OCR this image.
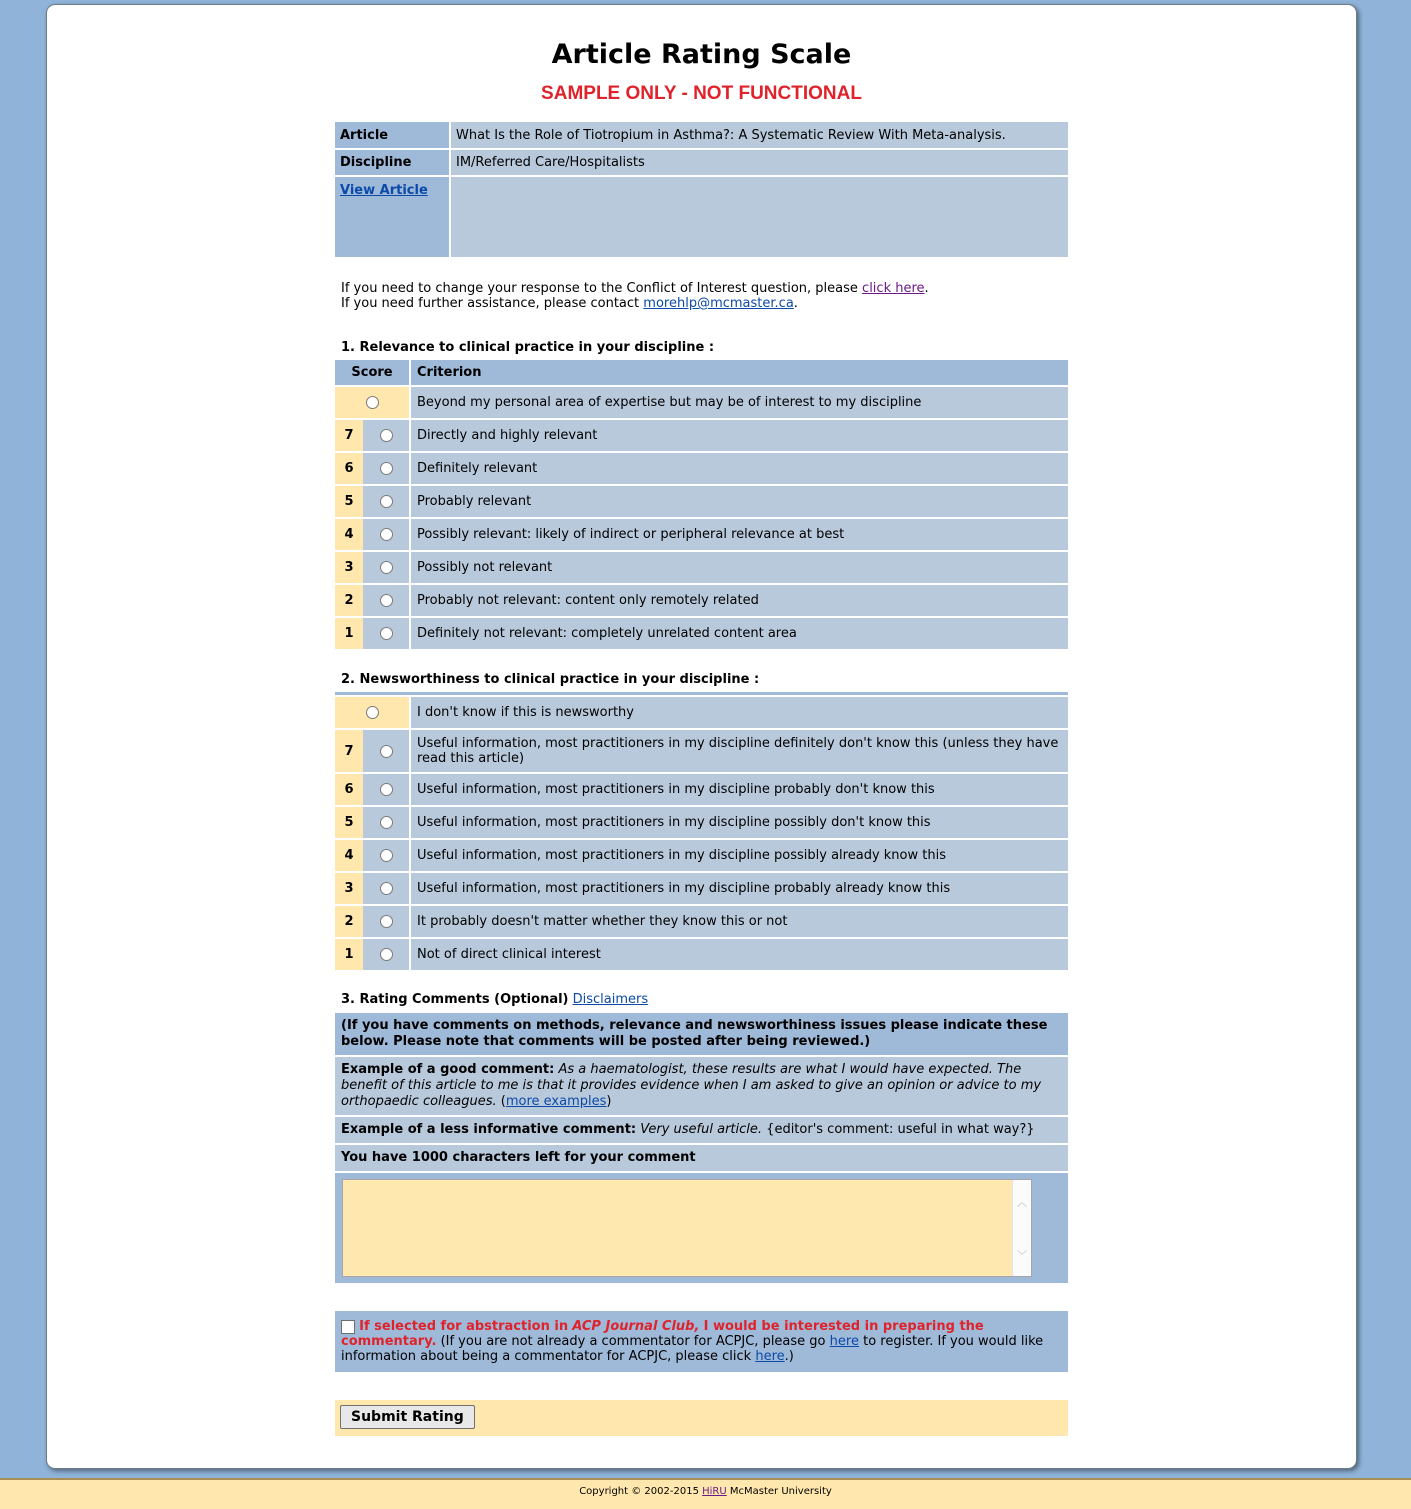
Article Rating Scale
SAMPLE ONLY - NOT FUNCTIONAL
Article	What Is the Role of Tiotropium in Asthma?: A Systematic Review With Meta-analysis.
Discipline	IM/Referred Care/Hospitalists
View Article	
If you need to change your response to the Conflict of Interest question, please click here.
If you need further assistance, please contact morehlp@mcmaster.ca.
1. Relevance to clinical practice in your discipline :
Score		Criterion
		Beyond my personal area of expertise but may be of interest to my discipline
7		Directly and highly relevant
6		Definitely relevant
5		Probably relevant
4		Possibly relevant: likely of indirect or peripheral relevance at best
3		Possibly not relevant
2		Probably not relevant: content only remotely related
1		Definitely not relevant: completely unrelated content area
2. Newsworthiness to clinical practice in your discipline :
		I don't know if this is newsworthy
7		Useful information, most practitioners in my discipline definitely don't know this (unless they have read this article)
6		Useful information, most practitioners in my discipline probably don't know this
5		Useful information, most practitioners in my discipline possibly don't know this
4		Useful information, most practitioners in my discipline possibly already know this
3		Useful information, most practitioners in my discipline probably already know this
2		It probably doesn't matter whether they know this or not
1		Not of direct clinical interest
3. Rating Comments (Optional) Disclaimers
(If you have comments on methods, relevance and newsworthiness issues please indicate these below. Please note that comments will be posted after being reviewed.)
Example of a good comment: As a haematologist, these results are what I would have expected. The benefit of this article to me is that it provides evidence when I am asked to give an opinion or advice to my orthopaedic colleagues. (more examples)
Example of a less informative comment: Very useful article. {editor's comment: useful in what way?}
You have 1000 characters left for your comment
︿
﹀
If selected for abstraction in ACP Journal Club, I would be interested in preparing the commentary. (If you are not already a commentator for ACPJC, please go here to register. If you would like information about being a commentator for ACPJC, please click here.)
Submit Rating
Copyright © 2002-2015 HiRU McMaster University
